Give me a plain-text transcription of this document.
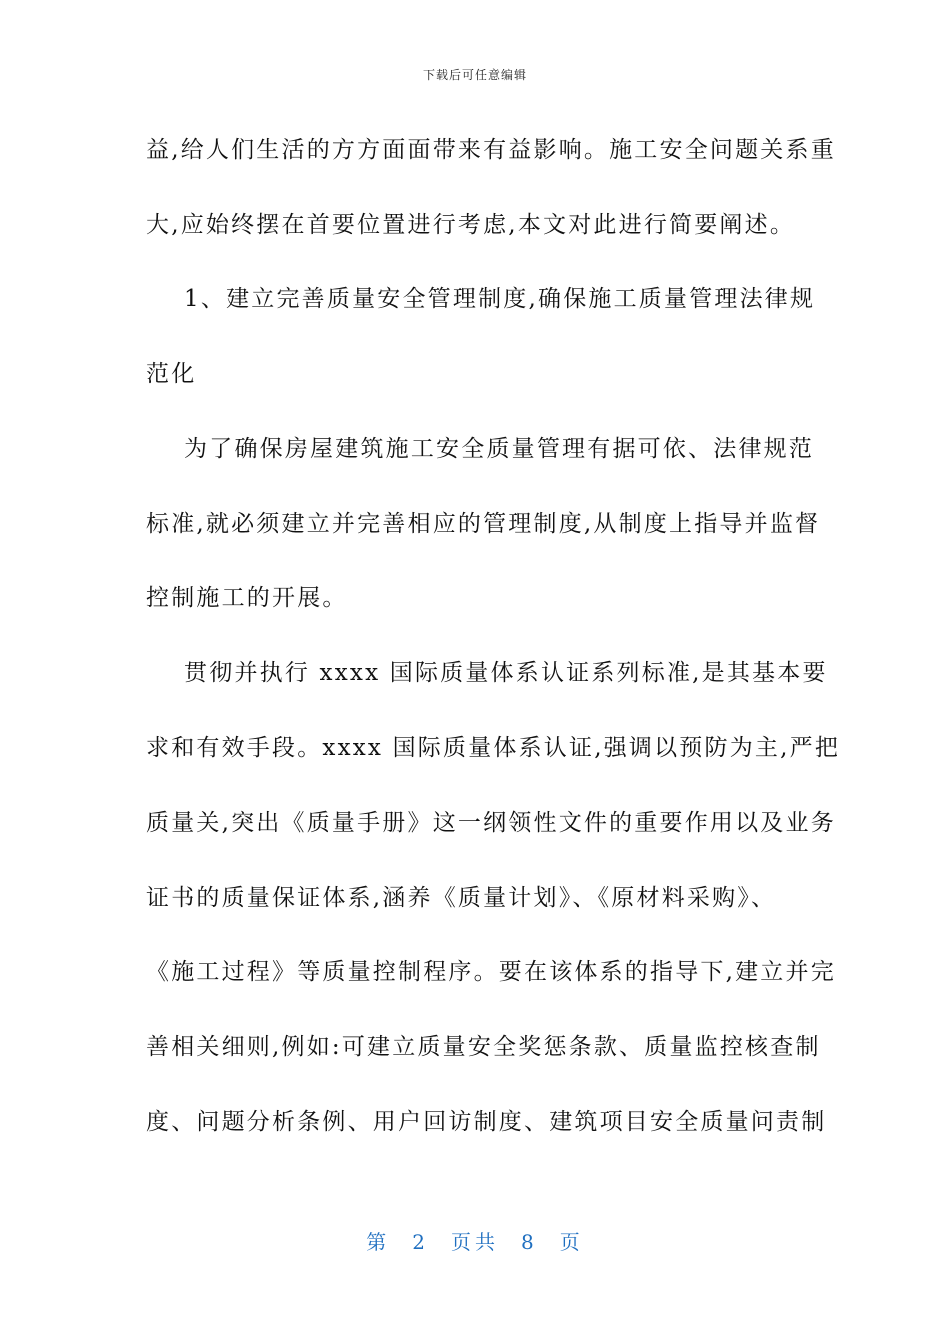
下载后可任意编辑
益,给人们生活的方方面面带来有益影响。施工安全问题关系重
大,应始终摆在首要位置进行考虑,本文对此进行简要阐述。
1、建立完善质量安全管理制度,确保施工质量管理法律规
范化
为了确保房屋建筑施工安全质量管理有据可依、法律规范
标准,就必须建立并完善相应的管理制度,从制度上指导并监督
控制施工的开展。
贯彻并执行 xxxx 国际质量体系认证系列标准,是其基本要
求和有效手段。xxxx 国际质量体系认证,强调以预防为主,严把
质量关,突出《质量手册》这一纲领性文件的重要作用以及业务
证书的质量保证体系,涵养《质量计划》、《原材料采购》、
《施工过程》等质量控制程序。要在该体系的指导下,建立并完
善相关细则,例如:可建立质量安全奖惩条款、质量监控核查制
度、问题分析条例、用户回访制度、建筑项目安全质量问责制
第 2 页共 8 页
